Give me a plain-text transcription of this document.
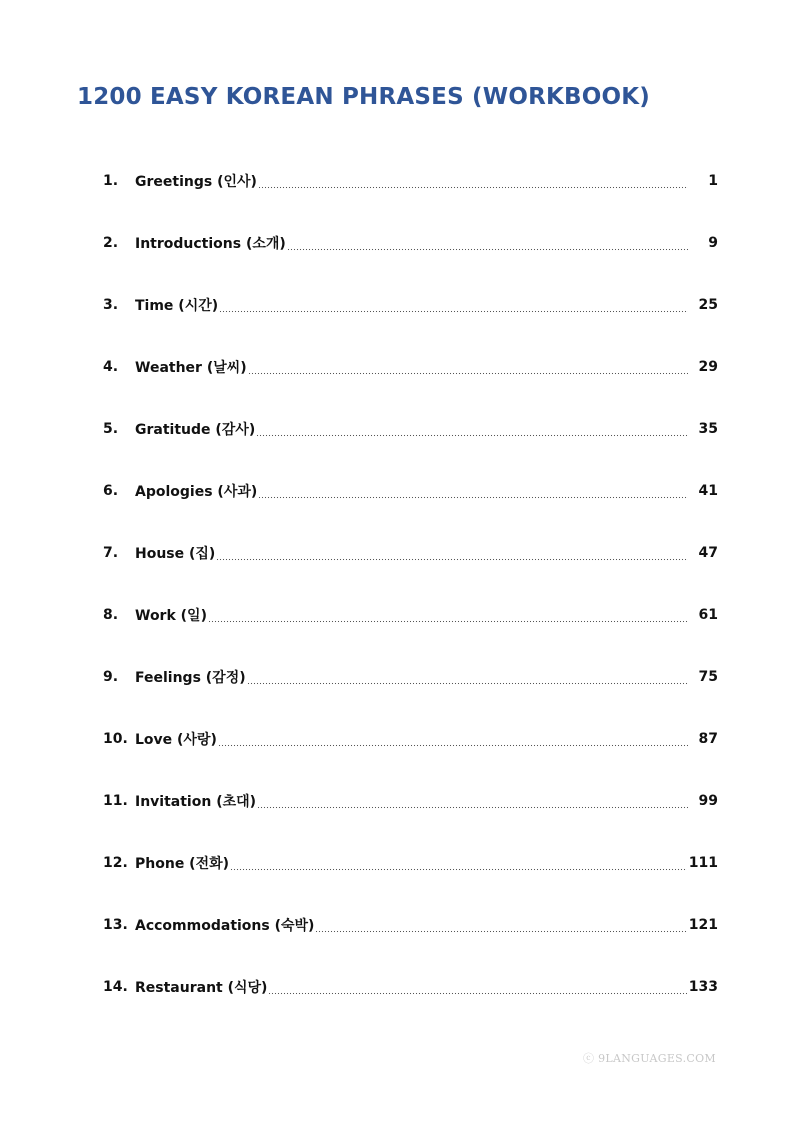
1200 EASY KOREAN PHRASES (WORKBOOK)
1.	Greetings (인사)	1
2.	Introductions (소개)	9
3.	Time (시간)	25
4.	Weather (날씨)	29
5.	Gratitude (감사)	35
6.	Apologies (사과)	41
7.	House (집)	47
8.	Work (일)	61
9.	Feelings (감정)	75
10. Love (사랑)	87
11. Invitation (초대)	99
12. Phone (전화)	111
13. Accommodations (숙박)	121
14. Restaurant (식당)	133
ⓒ 9LANGUAGES.COM
